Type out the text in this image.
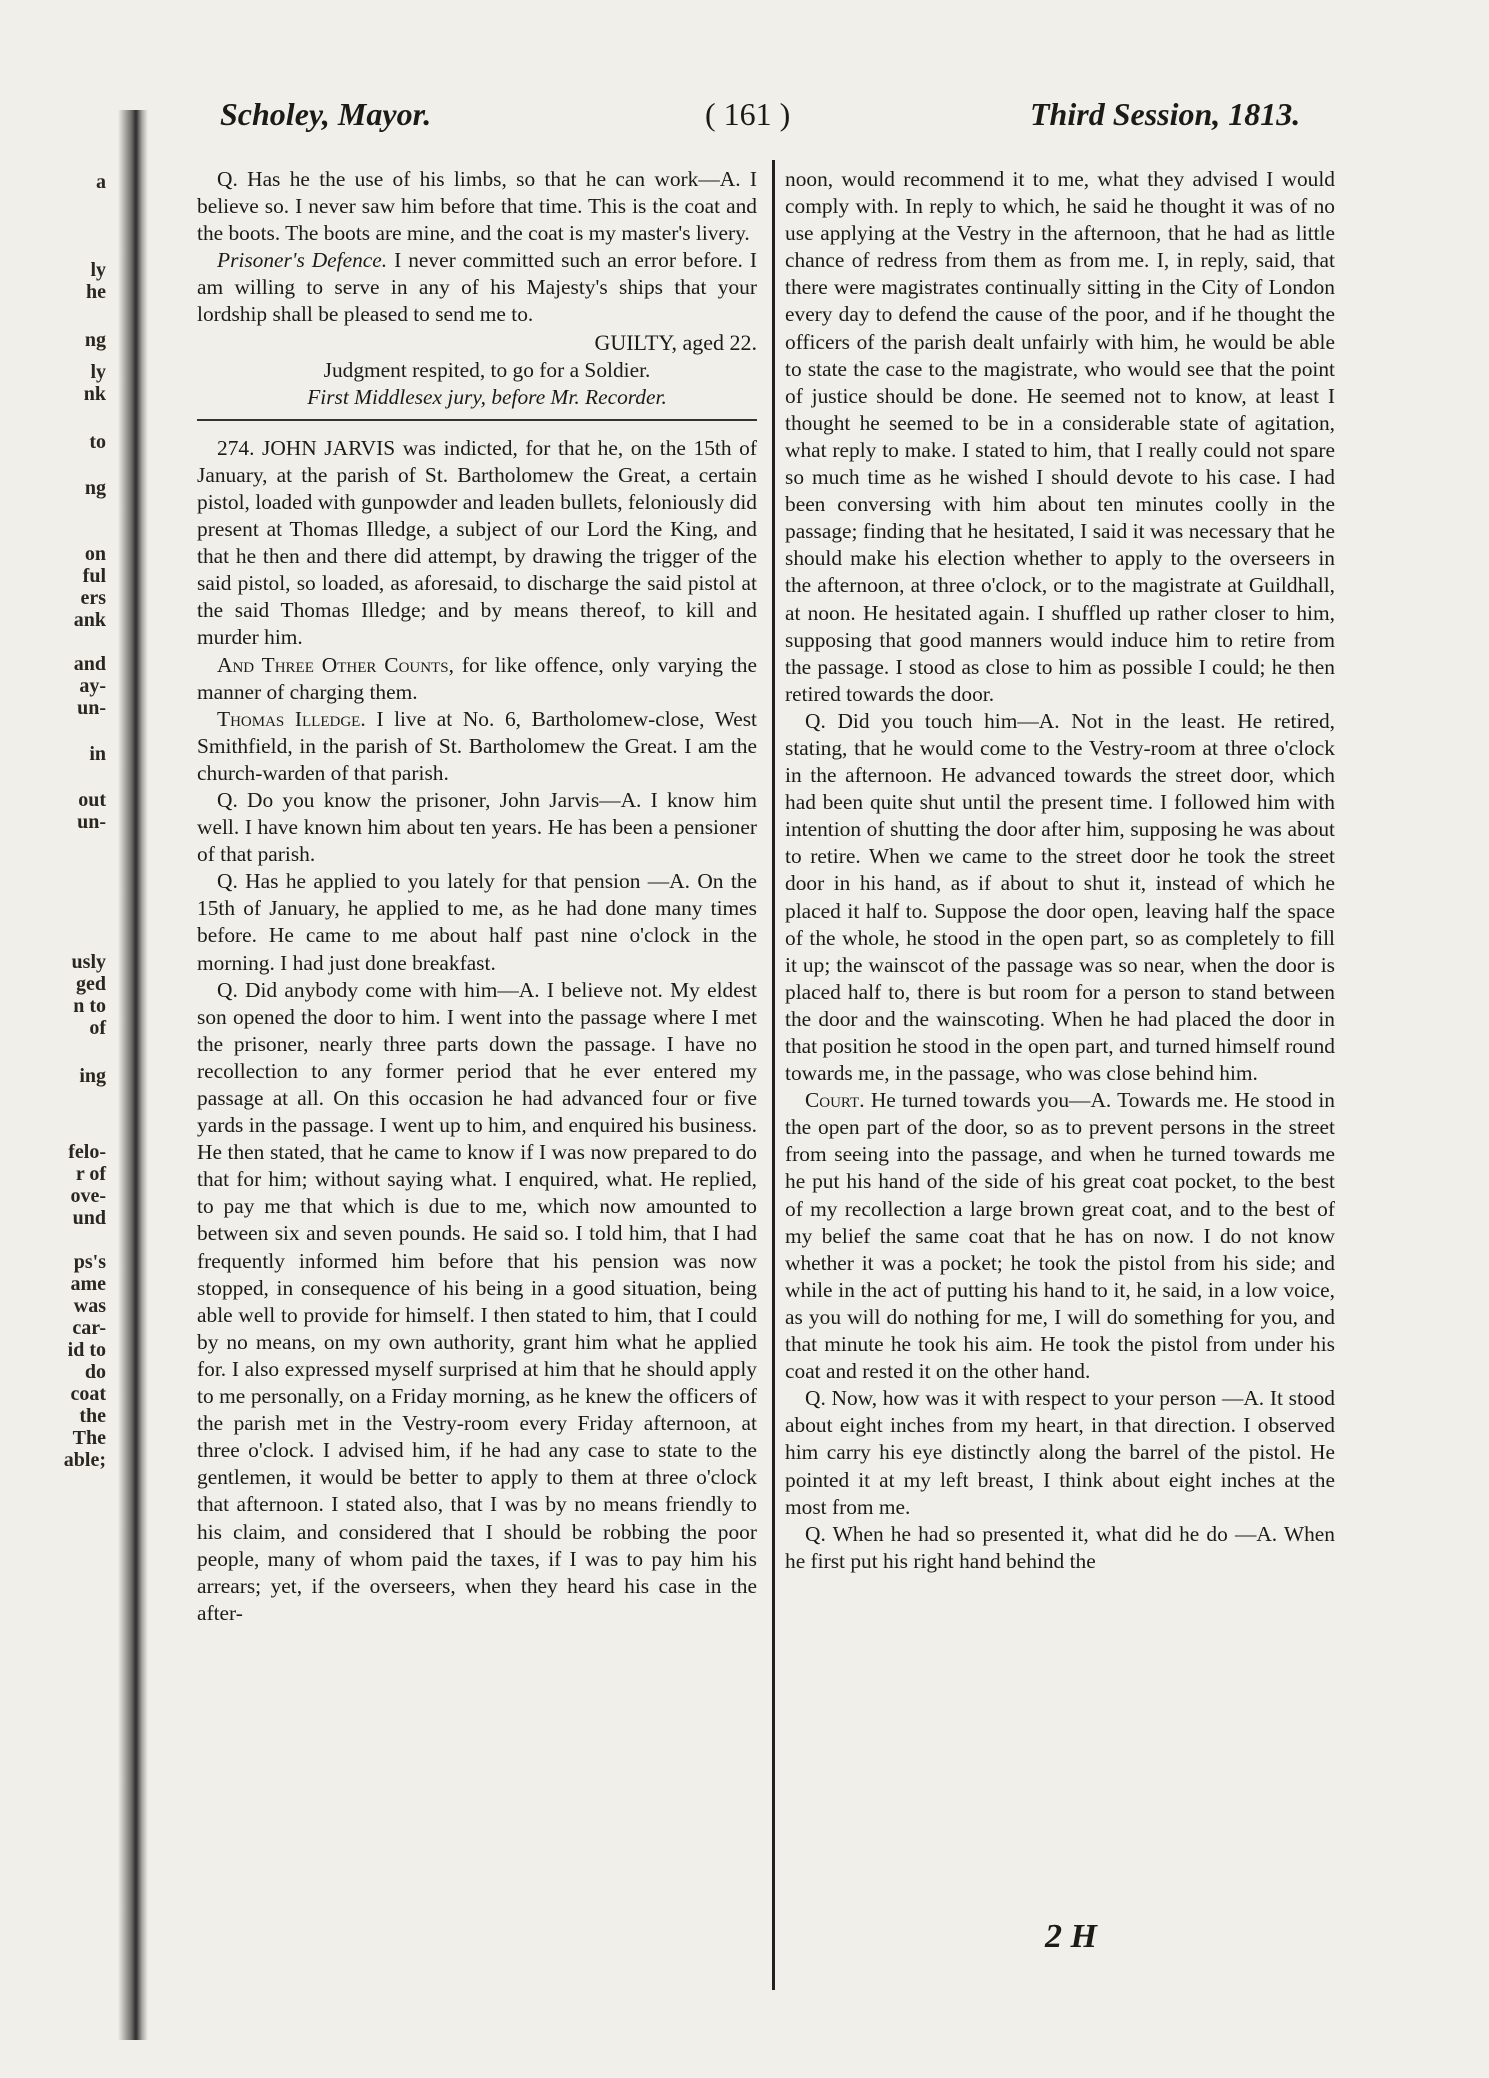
a
ly
he
ng
ly
nk
to
ng
on
ful
ers
ank
and
ay-
un-
in
out
un-
usly
ged
n to
of
ing
felo-
r of
ove-
und
ps's
ame
was
car-
id to
do
coat
the
The
able;
Scholey, Mayor.	( 161 )	Third Session, 1813.

Q. Has he the use of his limbs, so that he can work—A. I believe so. I never saw him before that time. This is the coat and the boots. The boots are mine, and the coat is my master's livery.

Prisoner's Defence. I never committed such an error before. I am willing to serve in any of his Majesty's ships that your lordship shall be pleased to send me to.

GUILTY, aged 22.

Judgment respited, to go for a Soldier.

First Middlesex jury, before Mr. Recorder.

274. JOHN JARVIS was indicted, for that he, on the 15th of January, at the parish of St. Bartholomew the Great, a certain pistol, loaded with gunpowder and leaden bullets, feloniously did present at Thomas Illedge, a subject of our Lord the King, and that he then and there did attempt, by drawing the trigger of the said pistol, so loaded, as aforesaid, to discharge the said pistol at the said Thomas Illedge; and by means thereof, to kill and murder him.

And Three Other Counts, for like offence, only varying the manner of charging them.

Thomas Illedge. I live at No. 6, Bartholomew-close, West Smithfield, in the parish of St. Bartholomew the Great. I am the church-warden of that parish.

Q. Do you know the prisoner, John Jarvis—A. I know him well. I have known him about ten years. He has been a pensioner of that parish.

Q. Has he applied to you lately for that pension —A. On the 15th of January, he applied to me, as he had done many times before. He came to me about half past nine o'clock in the morning. I had just done breakfast.

Q. Did anybody come with him—A. I believe not. My eldest son opened the door to him. I went into the passage where I met the prisoner, nearly three parts down the passage. I have no recollection to any former period that he ever entered my passage at all. On this occasion he had advanced four or five yards in the passage. I went up to him, and enquired his business. He then stated, that he came to know if I was now prepared to do that for him; without saying what. I enquired, what. He replied, to pay me that which is due to me, which now amounted to between six and seven pounds. He said so. I told him, that I had frequently informed him before that his pension was now stopped, in consequence of his being in a good situation, being able well to provide for himself. I then stated to him, that I could by no means, on my own authority, grant him what he applied for. I also expressed myself surprised at him that he should apply to me personally, on a Friday morning, as he knew the officers of the parish met in the Vestry-room every Friday afternoon, at three o'clock. I advised him, if he had any case to state to the gentlemen, it would be better to apply to them at three o'clock that afternoon. I stated also, that I was by no means friendly to his claim, and considered that I should be robbing the poor people, many of whom paid the taxes, if I was to pay him his arrears; yet, if the overseers, when they heard his case in the after-

noon, would recommend it to me, what they advised I would comply with. In reply to which, he said he thought it was of no use applying at the Vestry in the afternoon, that he had as little chance of redress from them as from me. I, in reply, said, that there were magistrates continually sitting in the City of London every day to defend the cause of the poor, and if he thought the officers of the parish dealt unfairly with him, he would be able to state the case to the magistrate, who would see that the point of justice should be done. He seemed not to know, at least I thought he seemed to be in a considerable state of agitation, what reply to make. I stated to him, that I really could not spare so much time as he wished I should devote to his case. I had been conversing with him about ten minutes coolly in the passage; finding that he hesitated, I said it was necessary that he should make his election whether to apply to the overseers in the afternoon, at three o'clock, or to the magistrate at Guildhall, at noon. He hesitated again. I shuffled up rather closer to him, supposing that good manners would induce him to retire from the passage. I stood as close to him as possible I could; he then retired towards the door.

Q. Did you touch him—A. Not in the least. He retired, stating, that he would come to the Vestry-room at three o'clock in the afternoon. He advanced towards the street door, which had been quite shut until the present time. I followed him with intention of shutting the door after him, supposing he was about to retire. When we came to the street door he took the street door in his hand, as if about to shut it, instead of which he placed it half to. Suppose the door open, leaving half the space of the whole, he stood in the open part, so as completely to fill it up; the wainscot of the passage was so near, when the door is placed half to, there is but room for a person to stand between the door and the wainscoting. When he had placed the door in that position he stood in the open part, and turned himself round towards me, in the passage, who was close behind him.

Court. He turned towards you—A. Towards me. He stood in the open part of the door, so as to prevent persons in the street from seeing into the passage, and when he turned towards me he put his hand of the side of his great coat pocket, to the best of my recollection a large brown great coat, and to the best of my belief the same coat that he has on now. I do not know whether it was a pocket; he took the pistol from his side; and while in the act of putting his hand to it, he said, in a low voice, as you will do nothing for me, I will do something for you, and that minute he took his aim. He took the pistol from under his coat and rested it on the other hand.

Q. Now, how was it with respect to your person —A. It stood about eight inches from my heart, in that direction. I observed him carry his eye distinctly along the barrel of the pistol. He pointed it at my left breast, I think about eight inches at the most from me.

Q. When he had so presented it, what did he do —A. When he first put his right hand behind the

2 H
